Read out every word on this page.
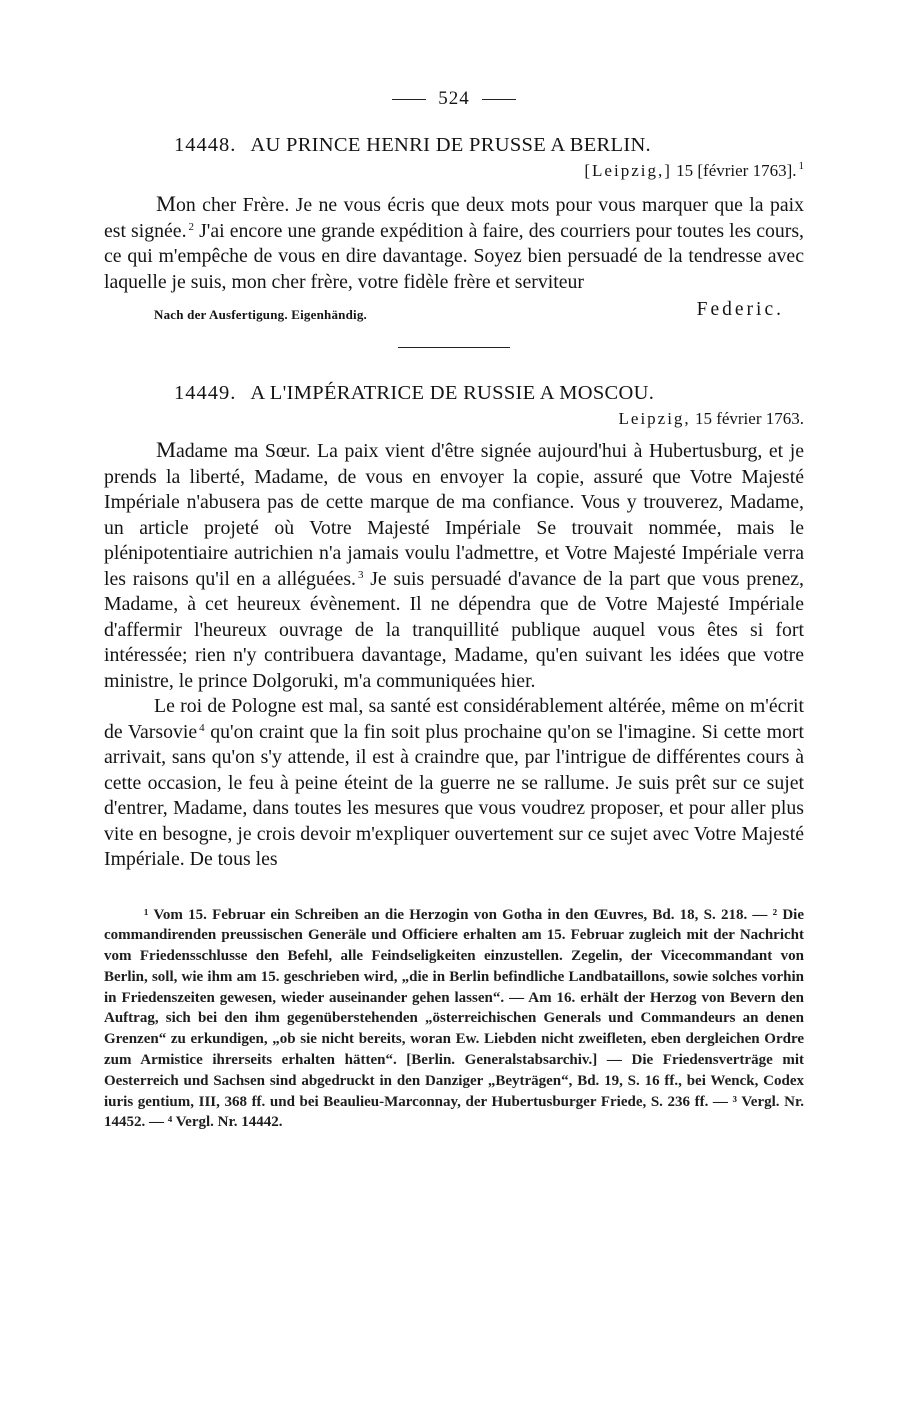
524
14448. AU PRINCE HENRI DE PRUSSE A BERLIN.
[Leipzig,] 15 [février 1763]. $^1$

Mon cher Frère. Je ne vous écris que deux mots pour vous marquer que la paix est signée. $^2$ J'ai encore une grande expédition à faire, des courriers pour toutes les cours, ce qui m'empêche de vous en dire davantage. Soyez bien persuadé de la tendresse avec laquelle je suis, mon cher frère, votre fidèle frère et serviteur

Nach der Ausfertigung. Eigenhändig.	Federic.
14449. A L'IMPÉRATRICE DE RUSSIE A MOSCOU.
Leipzig, 15 février 1763.

Madame ma Sœur. La paix vient d'être signée aujourd'hui à Hubertusburg, et je prends la liberté, Madame, de vous en envoyer la copie, assuré que Votre Majesté Impériale n'abusera pas de cette marque de ma confiance. Vous y trouverez, Madame, un article projeté où Votre Majesté Impériale Se trouvait nommée, mais le plénipotentiaire autrichien n'a jamais voulu l'admettre, et Votre Majesté Impériale verra les raisons qu'il en a alléguées. $^3$ Je suis persuadé d'avance de la part que vous prenez, Madame, à cet heureux évènement. Il ne dépendra que de Votre Majesté Impériale d'affermir l'heureux ouvrage de la tranquillité publique auquel vous êtes si fort intéressée; rien n'y contribuera davantage, Madame, qu'en suivant les idées que votre ministre, le prince Dolgoruki, m'a communiquées hier.

Le roi de Pologne est mal, sa santé est considérablement altérée, même on m'écrit de Varsovie $^4$ qu'on craint que la fin soit plus prochaine qu'on se l'imagine. Si cette mort arrivait, sans qu'on s'y attende, il est à craindre que, par l'intrigue de différentes cours à cette occasion, le feu à peine éteint de la guerre ne se rallume. Je suis prêt sur ce sujet d'entrer, Madame, dans toutes les mesures que vous voudrez proposer, et pour aller plus vite en besogne, je crois devoir m'expliquer ouvertement sur ce sujet avec Votre Majesté Impériale. De tous les

¹ Vom 15. Februar ein Schreiben an die Herzogin von Gotha in den Œuvres, Bd. 18, S. 218. — ² Die commandirenden preussischen Generäle und Officiere erhalten am 15. Februar zugleich mit der Nachricht vom Friedensschlusse den Befehl, alle Feindseligkeiten einzustellen. Zegelin, der Vicecommandant von Berlin, soll, wie ihm am 15. geschrieben wird, „die in Berlin befindliche Landbataillons, sowie solches vorhin in Friedenszeiten gewesen, wieder auseinander gehen lassen“. — Am 16. erhält der Herzog von Bevern den Auftrag, sich bei den ihm gegenüberstehenden „österreichischen Generals und Commandeurs an denen Grenzen“ zu erkundigen, „ob sie nicht bereits, woran Ew. Liebden nicht zweifleten, eben dergleichen Ordre zum Armistice ihrerseits erhalten hätten“. [Berlin. Generalstabsarchiv.] — Die Friedensverträge mit Oesterreich und Sachsen sind abgedruckt in den Danziger „Beyträgen“, Bd. 19, S. 16 ff., bei Wenck, Codex iuris gentium, III, 368 ff. und bei Beaulieu-Marconnay, der Hubertusburger Friede, S. 236 ff. — ³ Vergl. Nr. 14452. — ⁴ Vergl. Nr. 14442.
